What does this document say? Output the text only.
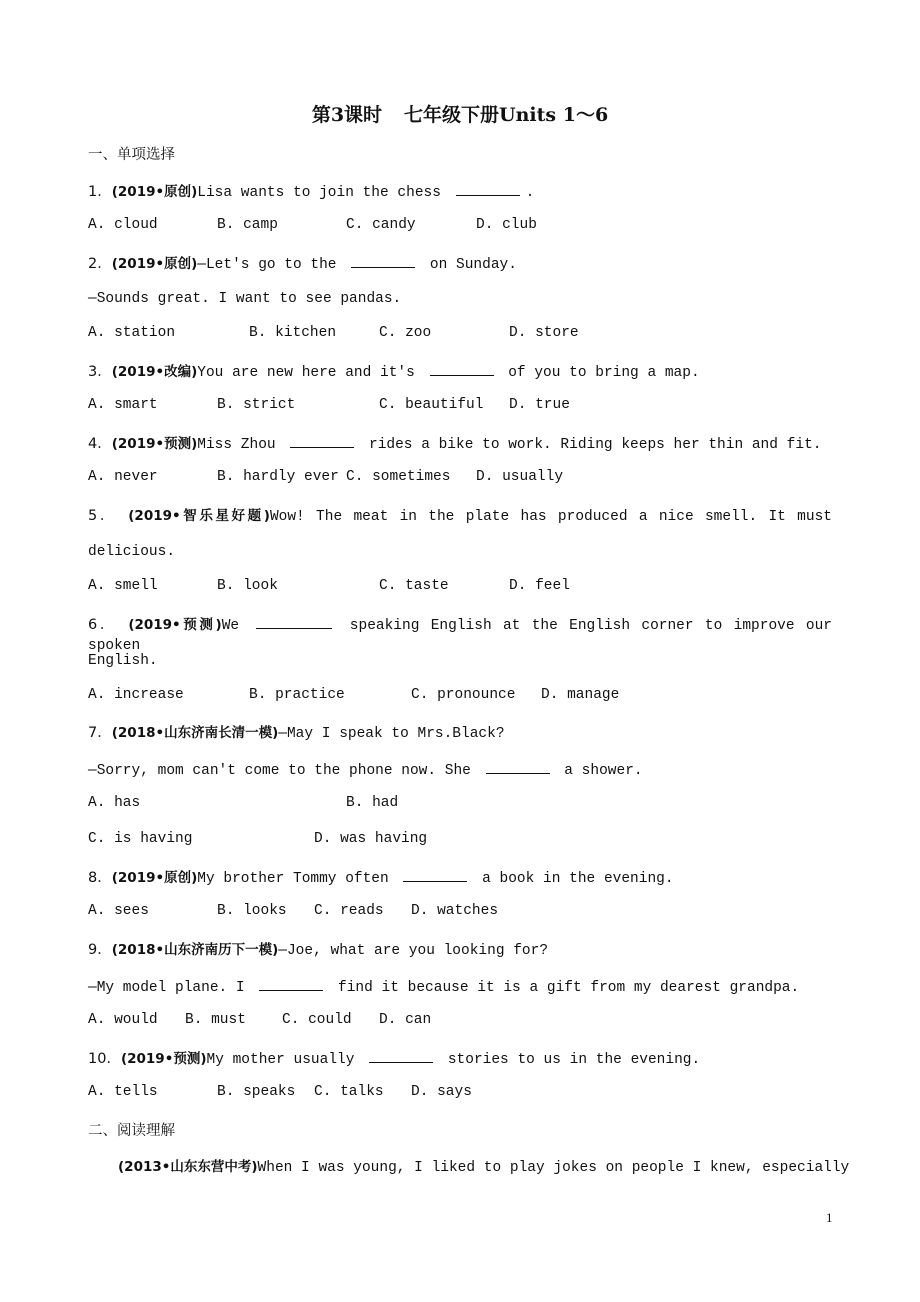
第3课时 七年级下册Units 1～6
一、单项选择
1．(2019•原创)Lisa wants to join the chess	.
A. cloud	B. camp	C. candy	D. club
2．(2019•原创)—Let's go to the	on Sunday.
—Sounds great. I want to see pandas.
A. station	B. kitchen	C. zoo	D. store
3．(2019•改编)You are new here and it's	of you to bring a map.
A. smart	B. strict	C. beautiful D. true
4．(2019•预测)Miss Zhou	rides a bike to work. Riding keeps her thin and fit.
A. never	B. hardly ever C. sometimes D. usually
5． (2019•智乐星好题)Wow! The meat in the plate has produced a nice smell. It must
delicious.
A. smell	B. look	C. taste	D. feel
6． (2019•预测)We	speaking English at the English corner to improve our spoken
English.
A. increase	B. practice	C. pronounce D. manage
7．(2018•山东济南长清一模)—May I speak to Mrs.Black?
—Sorry, mom can't come to the phone now. She	a shower.
A. has	B. had
C. is having	D. was having
8．(2019•原创)My brother Tommy often	a book in the evening.
A. sees	B. looks C. reads D. watches
9．(2018•山东济南历下一模)—Joe, what are you looking for?
—My model plane. I	find it because it is a gift from my dearest grandpa.
A. would B. must C. could D. can
10．(2019•预测)My mother usually	stories to us in the evening.
A. tells	B. speaks C. talks D. says
二、阅读理解
(2013•山东东营中考)When I was young, I liked to play jokes on people I knew, especially
1
